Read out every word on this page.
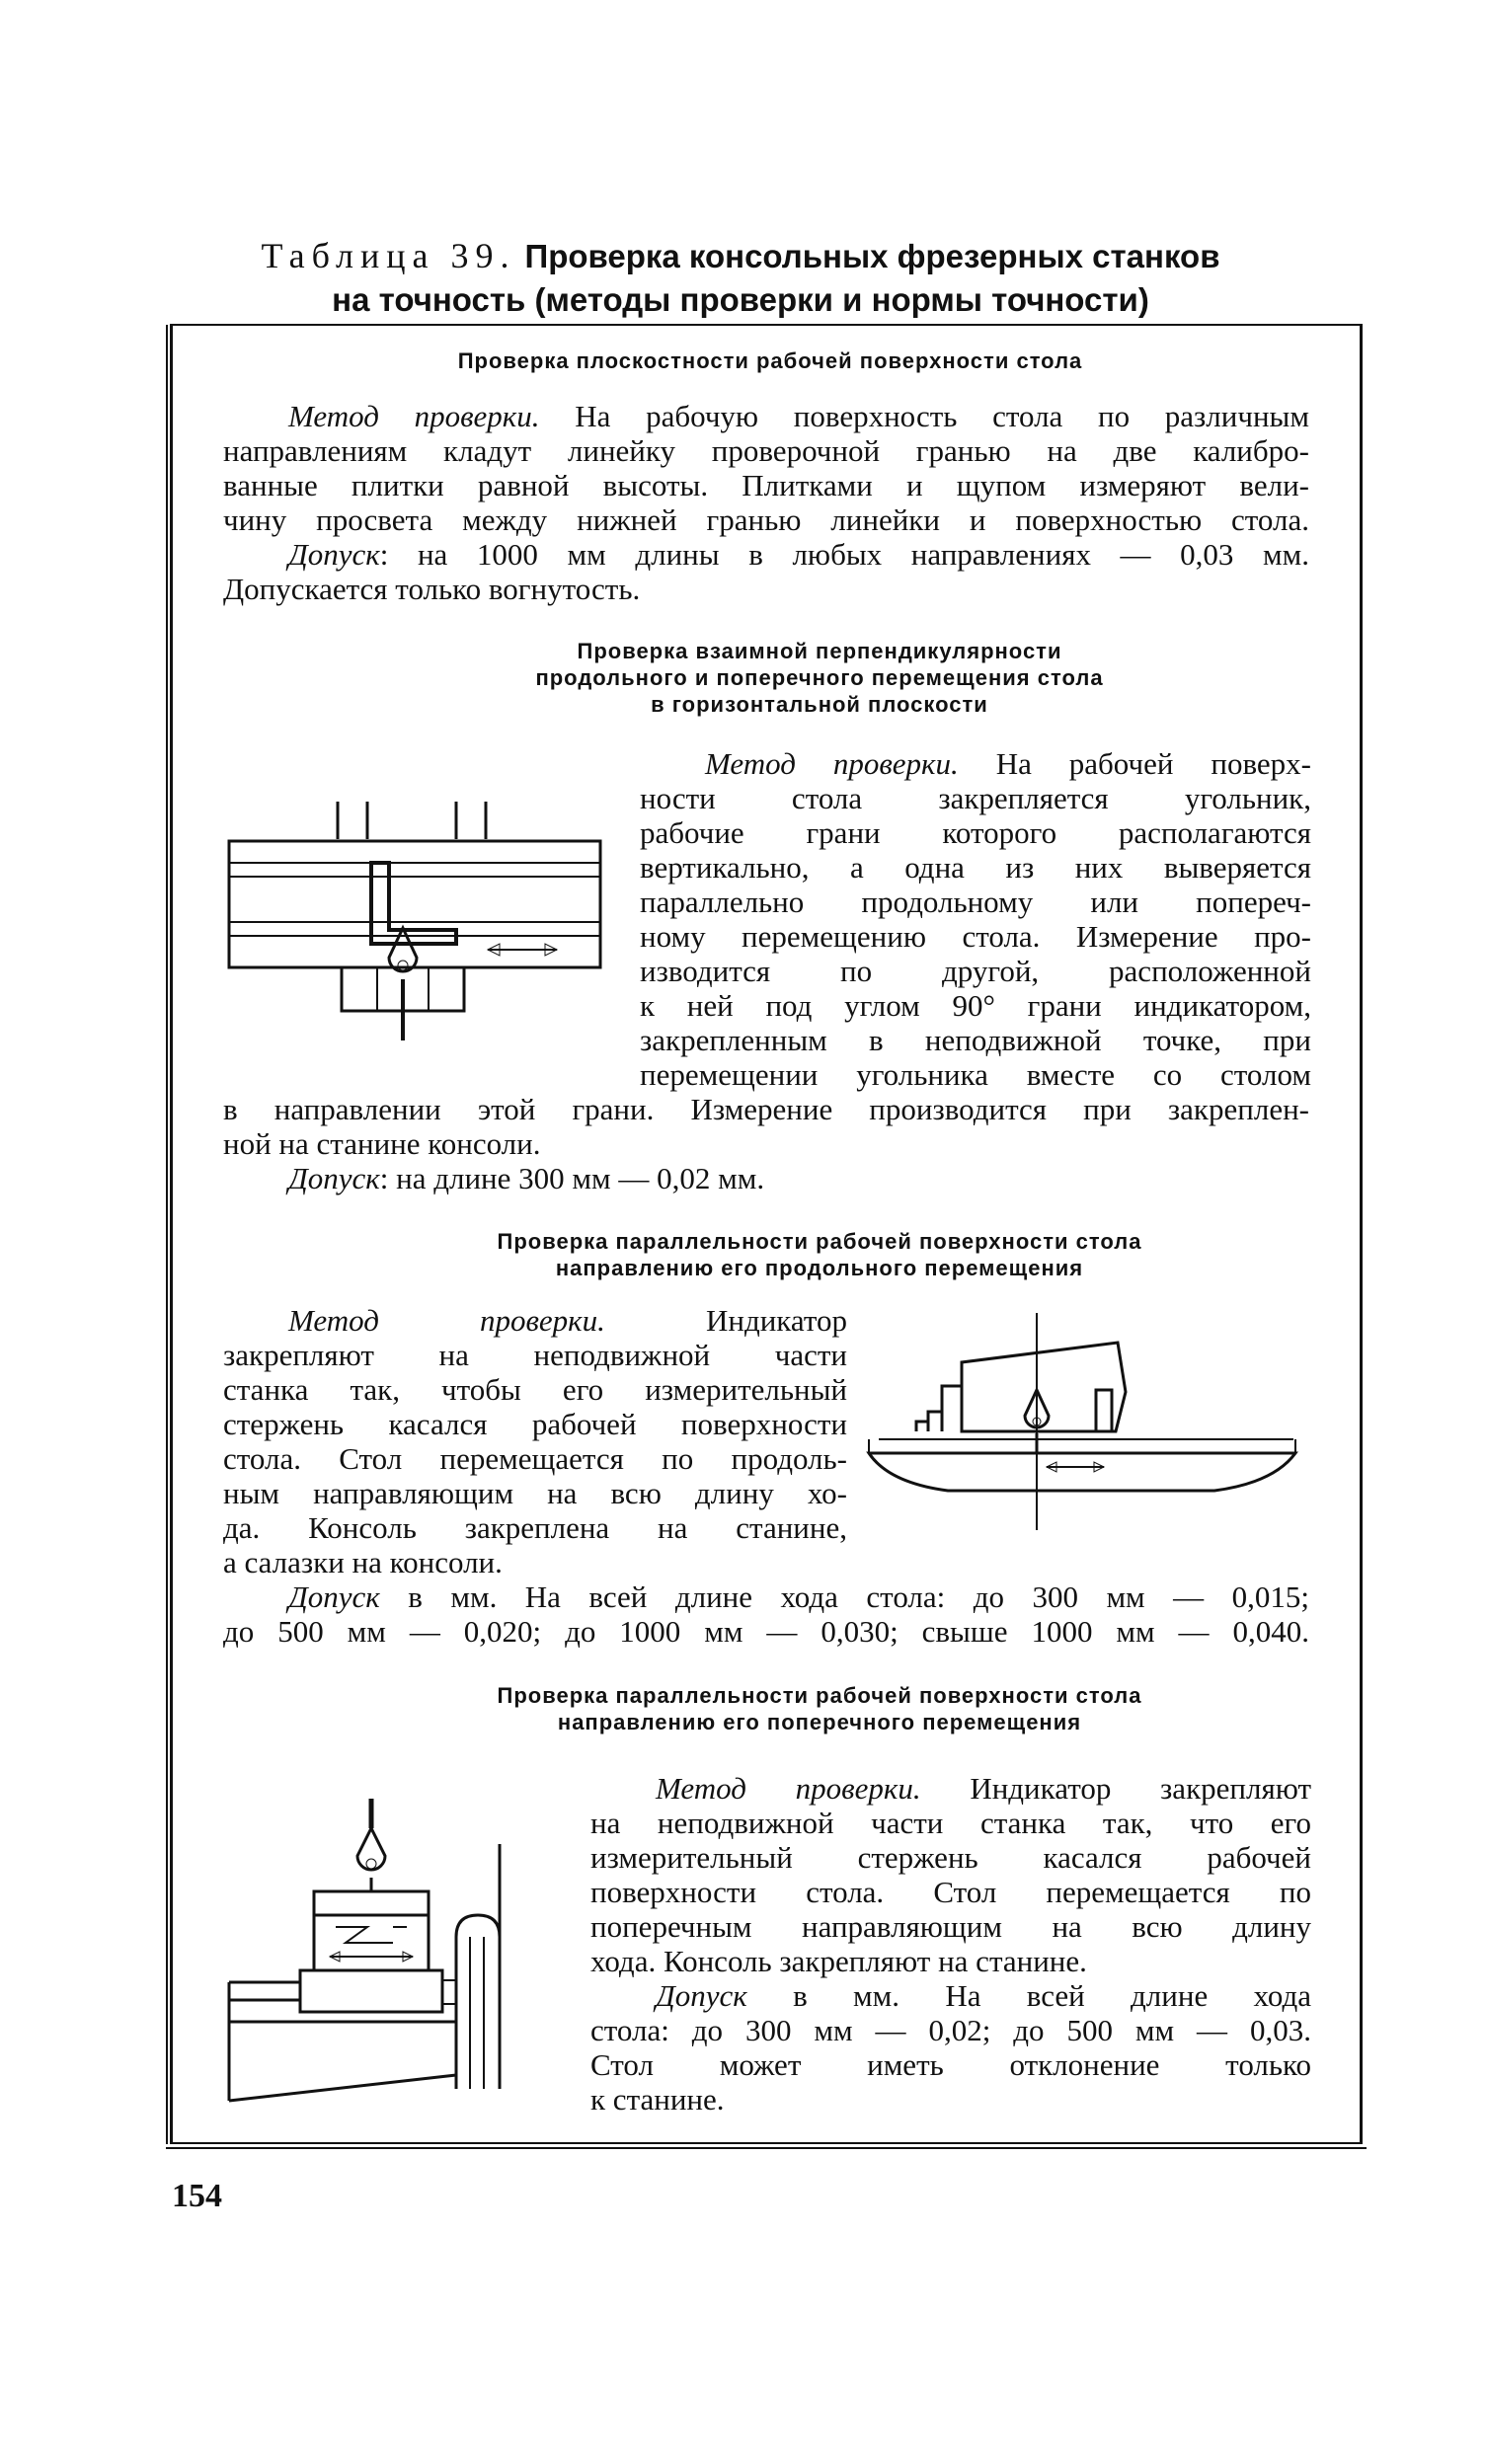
Таблица 39. Проверка консольных фрезерных станков
на точность (методы проверки и нормы точности)
Проверка плоскостности рабочей поверхности стола
Метод проверки. На рабочую поверхность стола по различным
направлениям кладут линейку проверочной гранью на две калибро-
ванные плитки равной высоты. Плитками и щупом измеряют вели-
чину просвета между нижней гранью линейки и поверхностью стола.
Допуск: на 1000 мм длины в любых направлениях — 0,03 мм.
Допускается только вогнутость.
Проверка взаимной перпендикулярности
продольного и поперечного перемещения стола
в горизонтальной плоскости
Метод проверки. На рабочей поверх-
ности стола закрепляется угольник,
рабочие грани которого располагаются
вертикально, а одна из них выверяется
параллельно продольному или попереч-
ному перемещению стола. Измерение про-
изводится по другой, расположенной
к ней под углом 90° грани индикатором,
закрепленным в неподвижной точке, при
перемещении угольника вместе со столом
в направлении этой грани. Измерение производится при закреплен-
ной на станине консоли.
Допуск: на длине 300 мм — 0,02 мм.
Проверка параллельности рабочей поверхности стола
направлению его продольного перемещения
Метод проверки. Индикатор
закрепляют на неподвижной части
станка так, чтобы его измерительный
стержень касался рабочей поверхности
стола. Стол перемещается по продоль-
ным направляющим на всю длину хо-
да. Консоль закреплена на станине,
а салазки на консоли.
Допуск в мм. На всей длине хода стола: до 300 мм — 0,015;
до 500 мм — 0,020; до 1000 мм — 0,030; свыше 1000 мм — 0,040.
Проверка параллельности рабочей поверхности стола
направлению его поперечного перемещения
Метод проверки. Индикатор закрепляют
на неподвижной части станка так, что его
измерительный стержень касался рабочей
поверхности стола. Стол перемещается по
поперечным направляющим на всю длину
хода. Консоль закрепляют на станине.
Допуск в мм. На всей длине хода
стола: до 300 мм — 0,02; до 500 мм — 0,03.
Стол может иметь отклонение только
к станине.
154
